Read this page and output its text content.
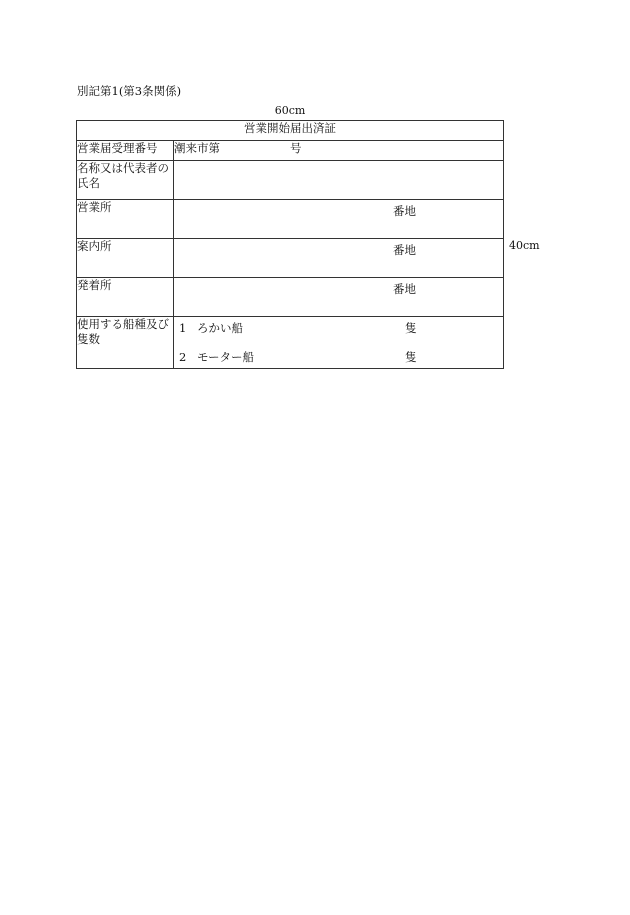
別記第1(第3条関係)
60cm
営業開始届出済証	
営業届受理番号	潮来市第 号
名称又は代表者の氏名	
営業所	番地

案内所	番地

発着所	番地

使用する船種及び隻数	1 ろかい船 隻
2 モーター船 隻
40cm
